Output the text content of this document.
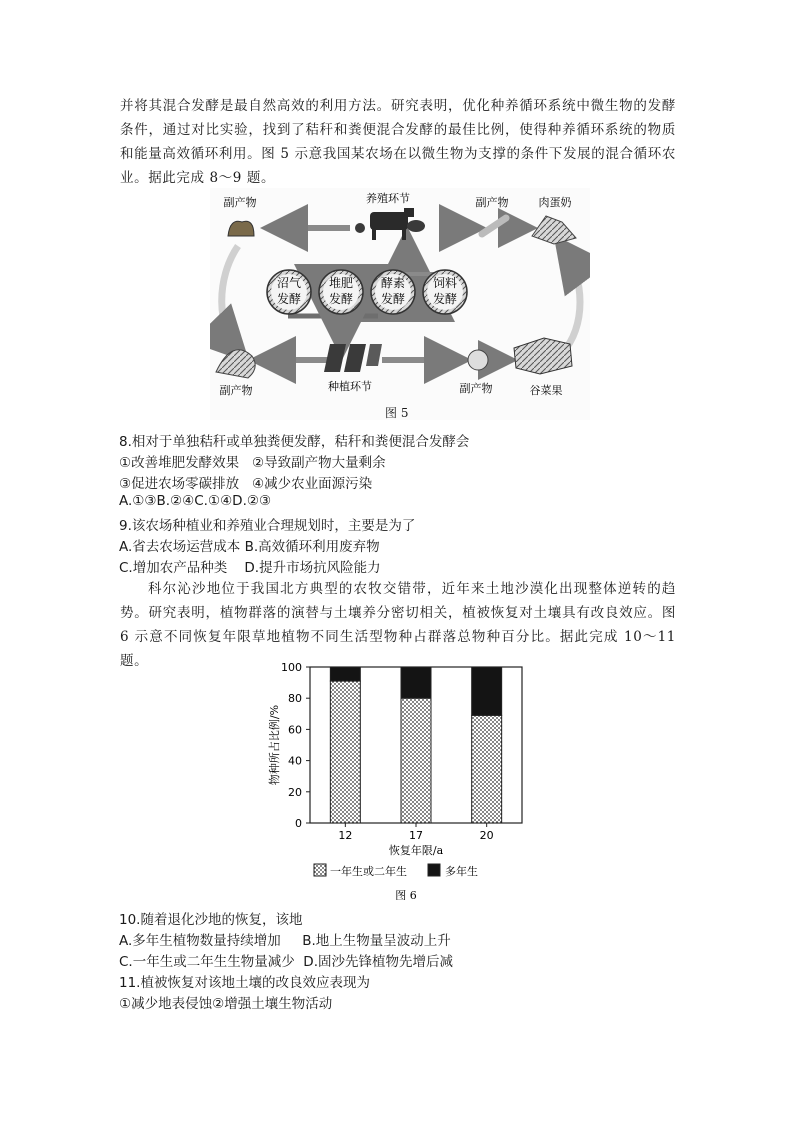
并将其混合发酵是最自然高效的利用方法。研究表明，优化种养循环系统中微生物的发酵条件，通过对比实验，找到了秸秆和粪便混合发酵的最佳比例，使得种养循环系统的物质和能量高效循环利用。图 5 示意我国某农场在以微生物为支撑的条件下发展的混合循环农业。据此完成 8～9 题。
沼气
发酵
堆肥
发酵
酵素
发酵
饲料
发酵
养殖环节
副产物	副产物	肉蛋奶
种植环节
副产物	副产物	谷菜果
图 5
8.相对于单独秸秆或单独粪便发酵，秸秆和粪便混合发酵会
①改善堆肥发酵效果   ②导致副产物大量剩余
③促进农场零碳排放   ④减少农业面源污染
A.①③B.②④C.①④D.②③
9.该农场种植业和养殖业合理规划时，主要是为了
A.省去农场运营成本 B.高效循环利用废弃物
C.增加农产品种类    D.提升市场抗风险能力
科尔沁沙地位于我国北方典型的农牧交错带，近年来土地沙漠化出现整体逆转的趋势。研究表明，植物群落的演替与土壤养分密切相关，植被恢复对土壤具有改良效应。图 6 示意不同恢复年限草地植物不同生活型物种占群落总物种百分比。据此完成 10～11 题。
0
20
40
60
80
100
物种所占比例/%
12	17	20
恢复年限/a
一年生或二年生	多年生
图 6
10.随着退化沙地的恢复，该地
A.多年生植物数量持续增加     B.地上生物量呈波动上升
C.一年生或二年生生物量减少  D.固沙先锋植物先增后减
11.植被恢复对该地土壤的改良效应表现为
①减少地表侵蚀②增强土壤生物活动
